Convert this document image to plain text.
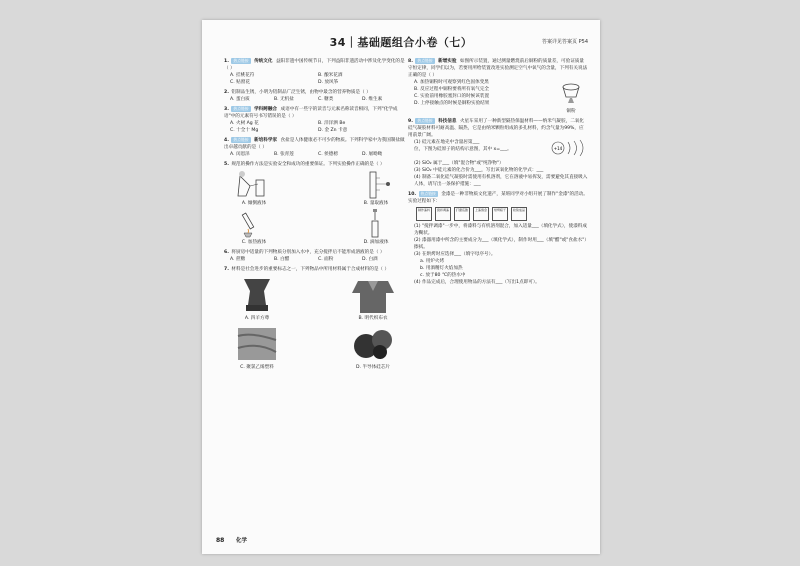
34｜基础题组合小卷（七）	答案详见答案页 P54
1. 热点链接 传统文化 益阳非遗中国传统节日，下列益阳非遗活动中涉及化学变化的是（ ）
A. 挂桃花符	B. 酿米花酒
C. 贴窗花	D. 放风筝
2. 铝制品生锈，小明为铝制品广泛生锈，由物中最含的营养物质是（ ）
A. 蛋白质	B. 无机盐	C. 糖类	D. 维生素
3. 热点链接 学科跨融合 成语中有一些字的读音与元素名称读音相同，下列"化学成语"中的元素符号书写错误的是（ ）
A. 火树 Ag 花	B. 洋洋洒 Be
C. 十全十 Mg	D. 金 Zn 卡意
4. 热点链接 新培科学家 食盐是人体健康必不可少的物质。下列科学家中为我国制盐做出卓越贡献的是（ ）
A. 闵恩泽	B. 张青莲	C. 侯德榜	D. 屠呦呦
5. 规范的操作方法是实验安全和成功的重要保证。下列实验操作正确的是（ ）
A. 倾倒液体	B. 量取液体
C. 加热液体	D. 滴加液体
6. 将厨房中适量的下列物质分别加入水中，充分搅拌后不能形成溶液的是（ ）
A. 蔗糖	B. 白醋	C. 面粉	D. 白酒
7. 材料是社会进步的重要标志之一，下列物品中所用材料属于合成材料的是（ ）
A. 四羊方尊	B. 明代织布衣
C. 聚氯乙烯塑料	D. 半导体硅芯片
8. 热点链接 新增实验 如图所示装置，通过测量燃烧前后铜粉的质量差，可验证质量守恒定律，同学们以为，若要用所给装置改进实验测定空气中氧气的含量，下列有关说法正确的是（ ）
A. 加热铜粉时可观察到红色固体变黑
B. 反应过程中铜粉要将所有氧气完全
C. 实验前用橡胶塞封口的时候该装置
D. 上停接触点的时候是铜粉实验结果
铜粉
9. 热点链接 科技信息 火星车采用了一种新型隔热保温材料——纳米气凝胶，二氧化硅气凝胶材料可耐高温、隔热，它是由纳米颗粒组成的多孔材料，约含气量为99%，应用前景广阔。
(1) 硅元素在地壳中含量居第___
位，下图为硅原子的结构示意图，其中 x=___。	+14
(2) SiO₂ 属于___（填"混合物"或"纯净物"）
(3) SiO₂ 中硅元素的化合价为___，写出该氧化物的化学式：___
(4) 制备二氧化硅气凝胶时需使用有机溶剂，它在溶液中易挥发，需要避免其直接吸入人体，请写出一条保护措施：___
10. 热点链接 金漆是一种非物质文化遗产，某班同学对小组开展了制作"金漆"的活动。实验过程如下：
制作漆料	搅拌调漆	打磨底胎	上漆施金	烘烤晾干	检验成品
(1) "搅拌调漆"一步中，将漆料与有机溶剂混合，加入适量___（填化学式），使漆料成为糊状。
(2) 漆器用漆中所含的主要成分为___（填化学式），制作时用___（填"醋"或"食盐水"）擦拭。
(3) 在烘烤时应选择___（填字母序号）。
a. 用炉火烤
b. 用酒精灯火焰加热
c. 放于80 ℃的热水中
(4) 作品完成后，合理使用物品的方法有___（写出1点即可）。
88 化学
